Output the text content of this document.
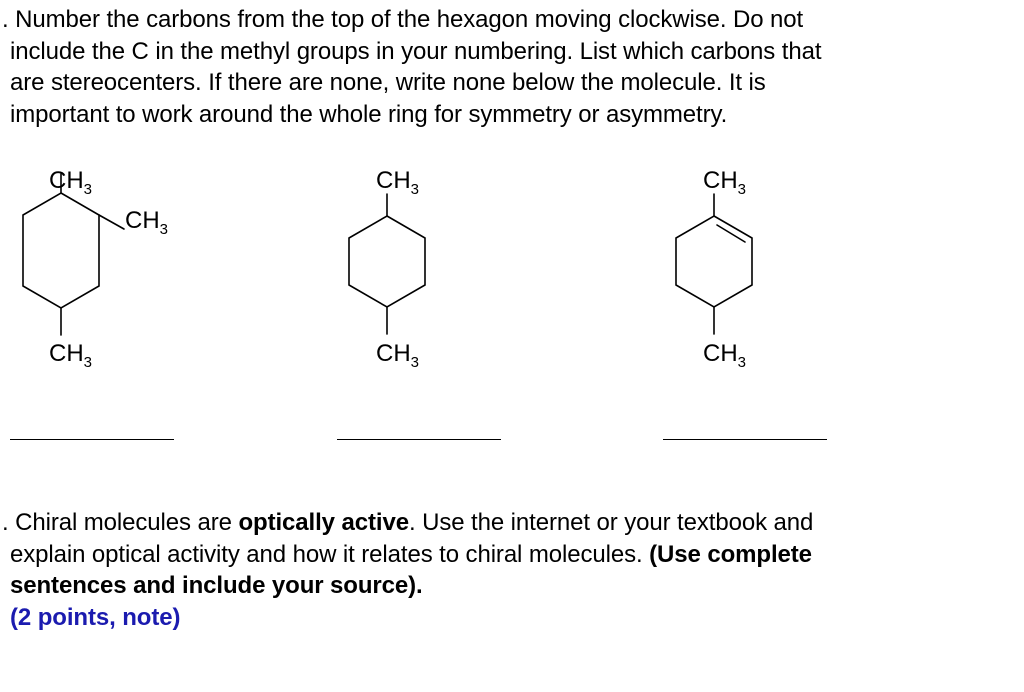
. Number the carbons from the top of the hexagon moving clockwise. Do not
include the C in the methyl groups in your numbering. List which carbons that
are stereocenters. If there are none, write none below the molecule. It is
important to work around the whole ring for symmetry or asymmetry.
CH3
CH3
CH3
CH3
CH3
CH3
CH3
. Chiral molecules are optically active. Use the internet or your textbook and
explain optical activity and how it relates to chiral molecules. (Use complete
sentences and include your source).
(2 points, note)
